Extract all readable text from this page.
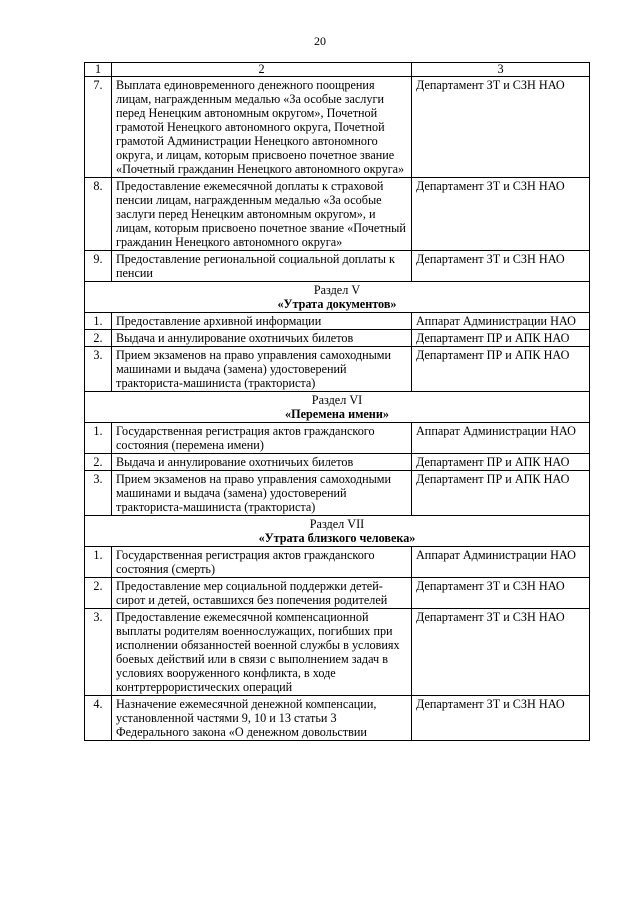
20
1	2	3
7.	Выплата единовременного денежного поощрения лицам, награжденным медалью «За особые заслуги перед Ненецким автономным округом», Почетной грамотой Ненецкого автономного округа, Почетной грамотой Администрации Ненецкого автономного округа, и лицам, которым присвоено почетное звание «Почетный гражданин Ненецкого автономного округа»	Департамент ЗТ и СЗН НАО
8.	Предоставление ежемесячной доплаты к страховой пенсии лицам, награжденным медалью «За особые заслуги перед Ненецким автономным округом», и лицам, которым присвоено почетное звание «Почетный гражданин Ненецкого автономного округа»	Департамент ЗТ и СЗН НАО
9.	Предоставление региональной социальной доплаты к пенсии	Департамент ЗТ и СЗН НАО

Раздел V
«Утрата документов»		

1.	Предоставление архивной информации	Аппарат Администрации НАО
2.	Выдача и аннулирование охотничьих билетов	Департамент ПР и АПК НАО
3.	Прием экзаменов на право управления самоходными машинами и выдача (замена) удостоверений тракториста-машиниста (тракториста)	Департамент ПР и АПК НАО

Раздел VI
«Перемена имени»		

1.	Государственная регистрация актов гражданского состояния (перемена имени)	Аппарат Администрации НАО
2.	Выдача и аннулирование охотничьих билетов	Департамент ПР и АПК НАО
3.	Прием экзаменов на право управления самоходными машинами и выдача (замена) удостоверений тракториста-машиниста (тракториста)	Департамент ПР и АПК НАО

Раздел VII
«Утрата близкого человека»		

1.	Государственная регистрация актов гражданского состояния (смерть)	Аппарат Администрации НАО
2.	Предоставление мер социальной поддержки детей-сирот и детей, оставшихся без попечения родителей	Департамент ЗТ и СЗН НАО
3.	Предоставление ежемесячной компенсационной выплаты родителям военнослужащих, погибших при исполнении обязанностей военной службы в условиях боевых действий или в связи с выполнением задач в условиях вооруженного конфликта, в ходе контртеррористических операций	Департамент ЗТ и СЗН НАО
4.	Назначение ежемесячной денежной компенсации, установленной частями 9, 10 и 13 статьи 3 Федерального закона «О денежном довольствии	Департамент ЗТ и СЗН НАО
